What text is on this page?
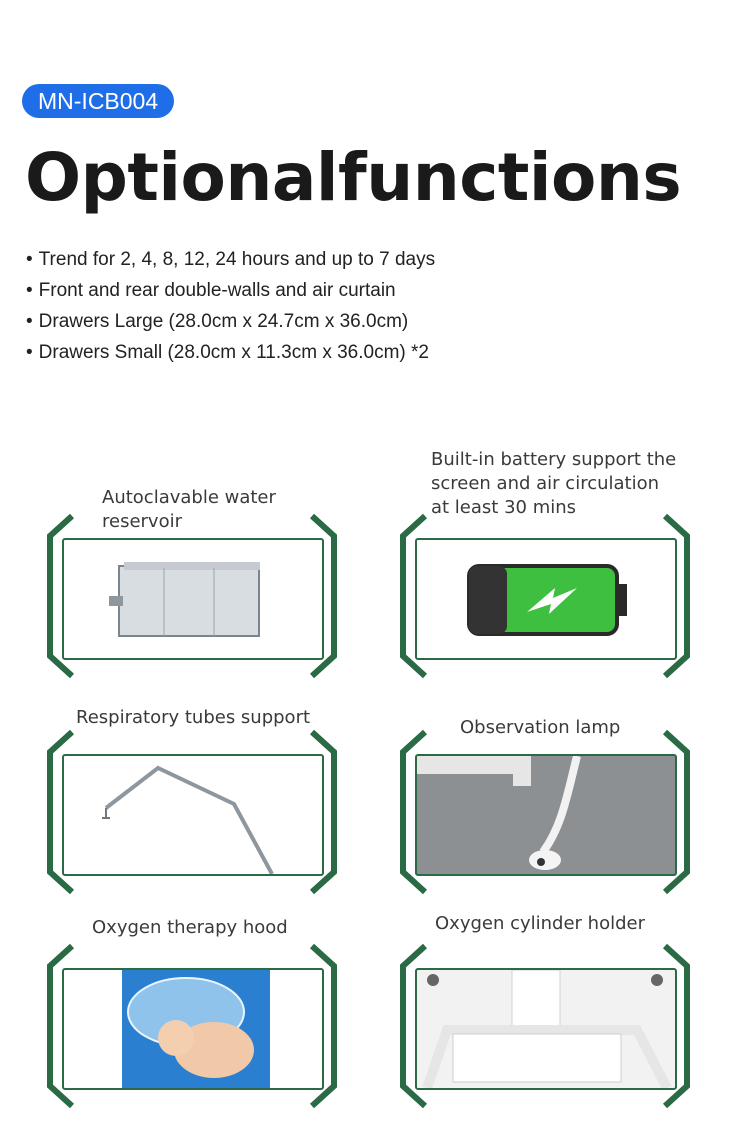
MN-ICB004
Optionalfunctions
• Trend for 2, 4, 8, 12, 24 hours and up to 7 days
• Front and rear double-walls and air curtain
• Drawers Large (28.0cm x 24.7cm x 36.0cm)
• Drawers Small (28.0cm x 11.3cm x 36.0cm) *2
Autoclavable water reservoir
Built-in battery support the screen and air circulation at least 30 mins
Respiratory tubes support	Observation lamp
Oxygen therapy hood	Oxygen cylinder holder
